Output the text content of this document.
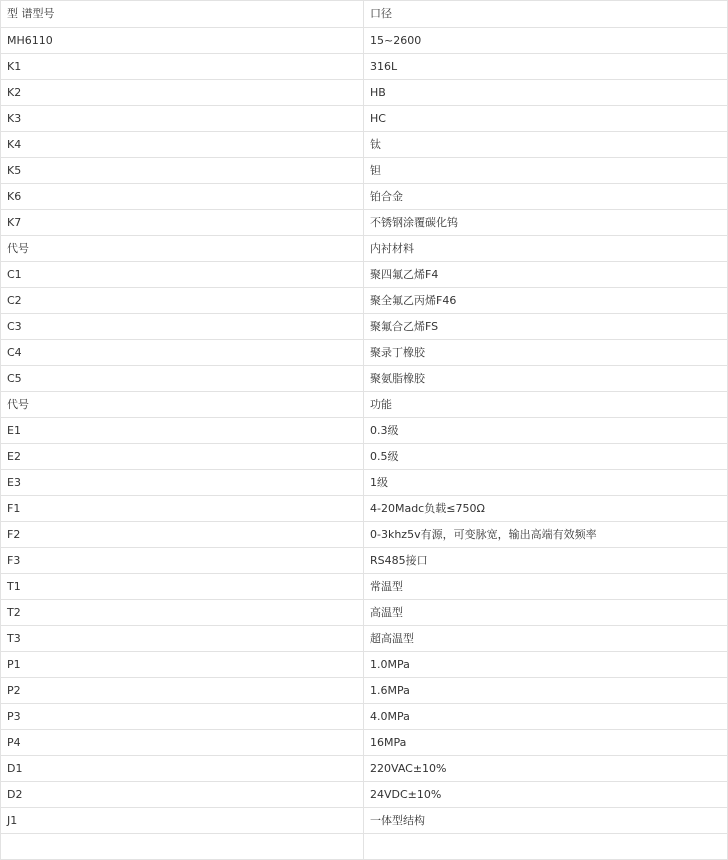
型 谱型号	口径
MH6110	15~2600
K1	316L
K2	HB
K3	HC
K4	钛
K5	钽
K6	铂合金
K7	不锈钢涂覆碳化钨
代号	内衬材料
C1	聚四氟乙烯F4
C2	聚全氟乙丙烯F46
C3	聚氟合乙烯FS
C4	聚录丁橡胶
C5	聚氨脂橡胶
代号	功能
E1	0.3级
E2	0.5级
E3	1级
F1	4-20Madc负载≤750Ω
F2	0-3khz5v有源，可变脉宽，输出高端有效频率
F3	RS485接口
T1	常温型
T2	高温型
T3	超高温型
P1	1.0MPa
P2	1.6MPa
P3	4.0MPa
P4	16MPa
D1	220VAC±10%
D2	24VDC±10%
J1	一体型结构
